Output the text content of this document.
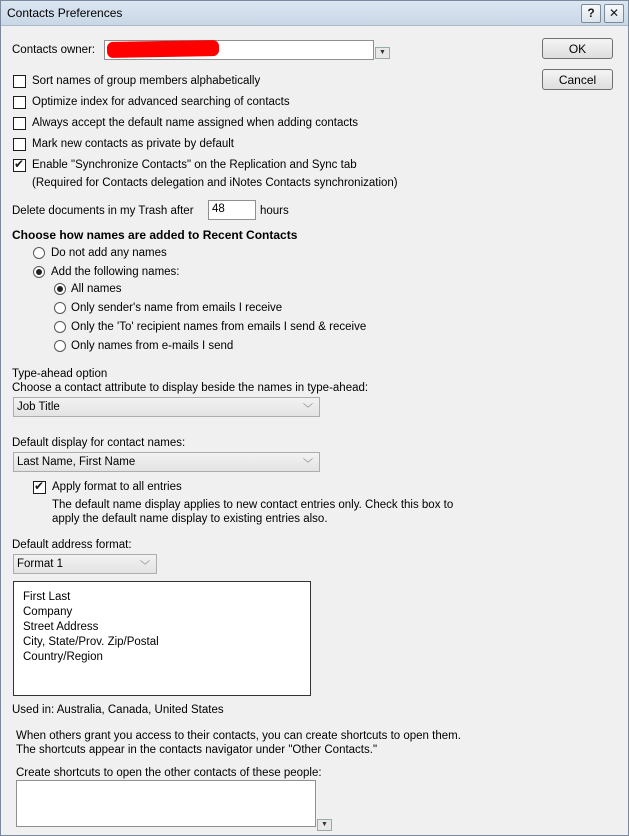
Contacts Preferences	?	✕
Contacts owner:	▼	OK
Cancel
Sort names of group members alphabetically
Optimize index for advanced searching of contacts
Always accept the default name assigned when adding contacts
Mark new contacts as private by default
✔
Enable "Synchronize Contacts" on the Replication and Sync tab
(Required for Contacts delegation and iNotes Contacts synchronization)
Delete documents in my Trash after	48	hours
Choose how names are added to Recent Contacts
Do not add any names
Add the following names:
All names
Only sender's name from emails I receive
Only the 'To' recipient names from emails I send & receive
Only names from e-mails I send
Type-ahead option
Choose a contact attribute to display beside the names in type-ahead:
Job Title	﹀
Default display for contact names:
Last Name, First Name	﹀
✔
Apply format to all entries
The default name display applies to new contact entries only. Check this box to
apply the default name display to existing entries also.
Default address format:
Format 1	﹀
First Last
Company
Street Address
City, State/Prov. Zip/Postal
Country/Region
Used in: Australia, Canada, United States
When others grant you access to their contacts, you can create shortcuts to open them.
The shortcuts appear in the contacts navigator under "Other Contacts."
Create shortcuts to open the other contacts of these people:
▼
